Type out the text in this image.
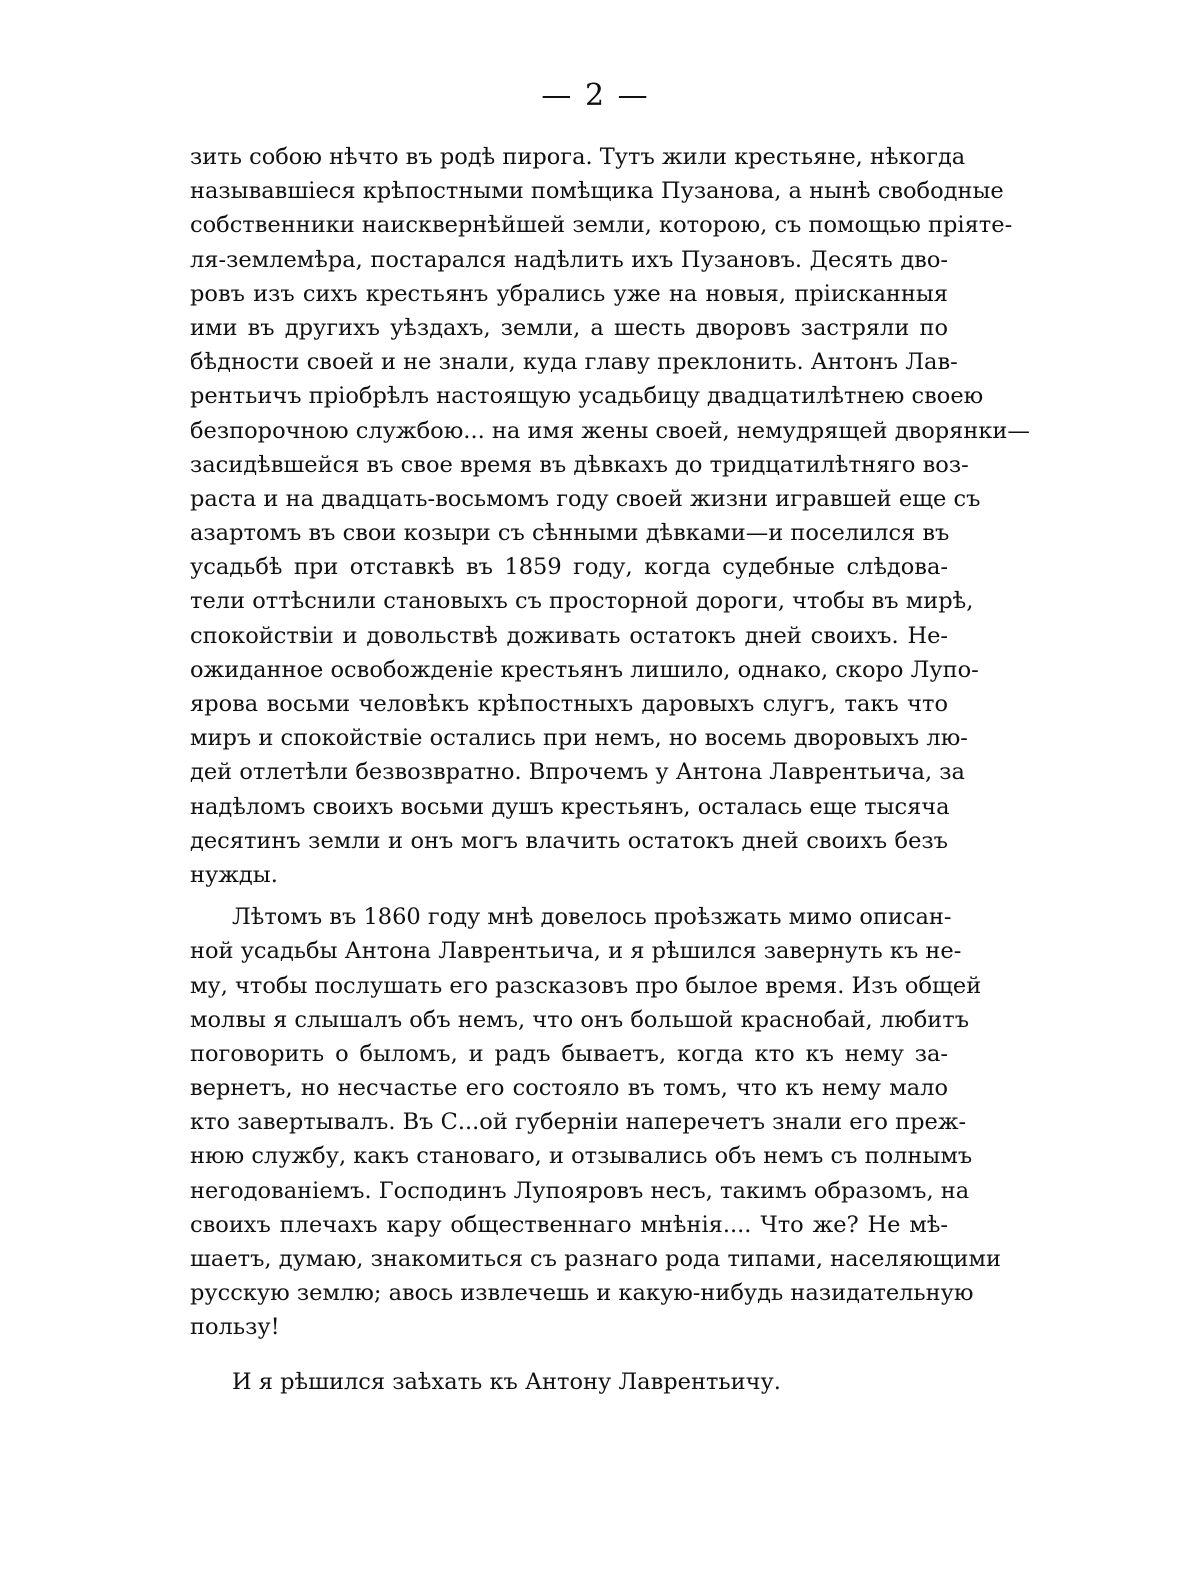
— 2 —
зить собою нѣчто въ родѣ пирога. Тутъ жили крестьяне, нѣкогда
называвшіеся крѣпостными помѣщика Пузанова, а нынѣ свободные
собственники наисквернѣйшей земли, которою, съ помощью пріяте-
ля-землемѣра, постарался надѣлить ихъ Пузановъ. Десять дво-
ровъ изъ сихъ крестьянъ убрались уже на новыя, прiисканныя
ими въ другихъ уѣздахъ, земли, а шесть дворовъ застряли по
бѣдности своей и не знали, куда главу преклонить. Антонъ Лав-
рентьичъ пріобрѣлъ настоящую усадьбицу двадцатилѣтнею своею
безпорочною службою... на имя жены своей, немудрящей дворянки—
засидѣвшейся въ свое время въ дѣвкахъ до тридцатилѣтняго воз-
раста и на двадцать-восьмомъ году своей жизни игравшей еще съ
азартомъ въ свои козыри съ сѣнными дѣвками—и поселился въ
усадьбѣ при отставкѣ въ 1859 году, когда судебные слѣдова-
тели оттѣснили становыхъ съ просторной дороги, чтобы въ мирѣ,
спокойствіи и довольствѣ доживать остатокъ дней своихъ. Не-
ожиданное освобожденіе крестьянъ лишило, однако, скоро Лупо-
ярова восьми человѣкъ крѣпостныхъ даровыхъ слугъ, такъ что
миръ и спокойствіе остались при немъ, но восемь дворовыхъ лю-
дей отлетѣли безвозвратно. Впрочемъ у Антона Лаврентьича, за
надѣломъ своихъ восьми душъ крестьянъ, осталась еще тысяча
десятинъ земли и онъ могъ влачить остатокъ дней своихъ безъ
нужды.
Лѣтомъ въ 1860 году мнѣ довелось проѣзжать мимо описан-
ной усадьбы Антона Лаврентьича, и я рѣшился завернуть къ не-
му, чтобы послушать его разсказовъ про былое время. Изъ общей
молвы я слышалъ объ немъ, что онъ большой краснобай, любитъ
поговорить о быломъ, и радъ бываетъ, когда кто къ нему за-
вернетъ, но несчастье его состояло въ томъ, что къ нему мало
кто завертывалъ. Въ С...ой губерніи наперечетъ знали его преж-
нюю службу, какъ становаго, и отзывались объ немъ съ полнымъ
негодованіемъ. Господинъ Лупояровъ несъ, такимъ образомъ, на
своихъ плечахъ кару общественнаго мнѣнія.... Что же? Не мѣ-
шаетъ, думаю, знакомиться съ разнаго рода типами, населяющими
русскую землю; авось извлечешь и какую-нибудь назидательную
пользу!
И я рѣшился заѣхать къ Антону Лаврентьичу.
